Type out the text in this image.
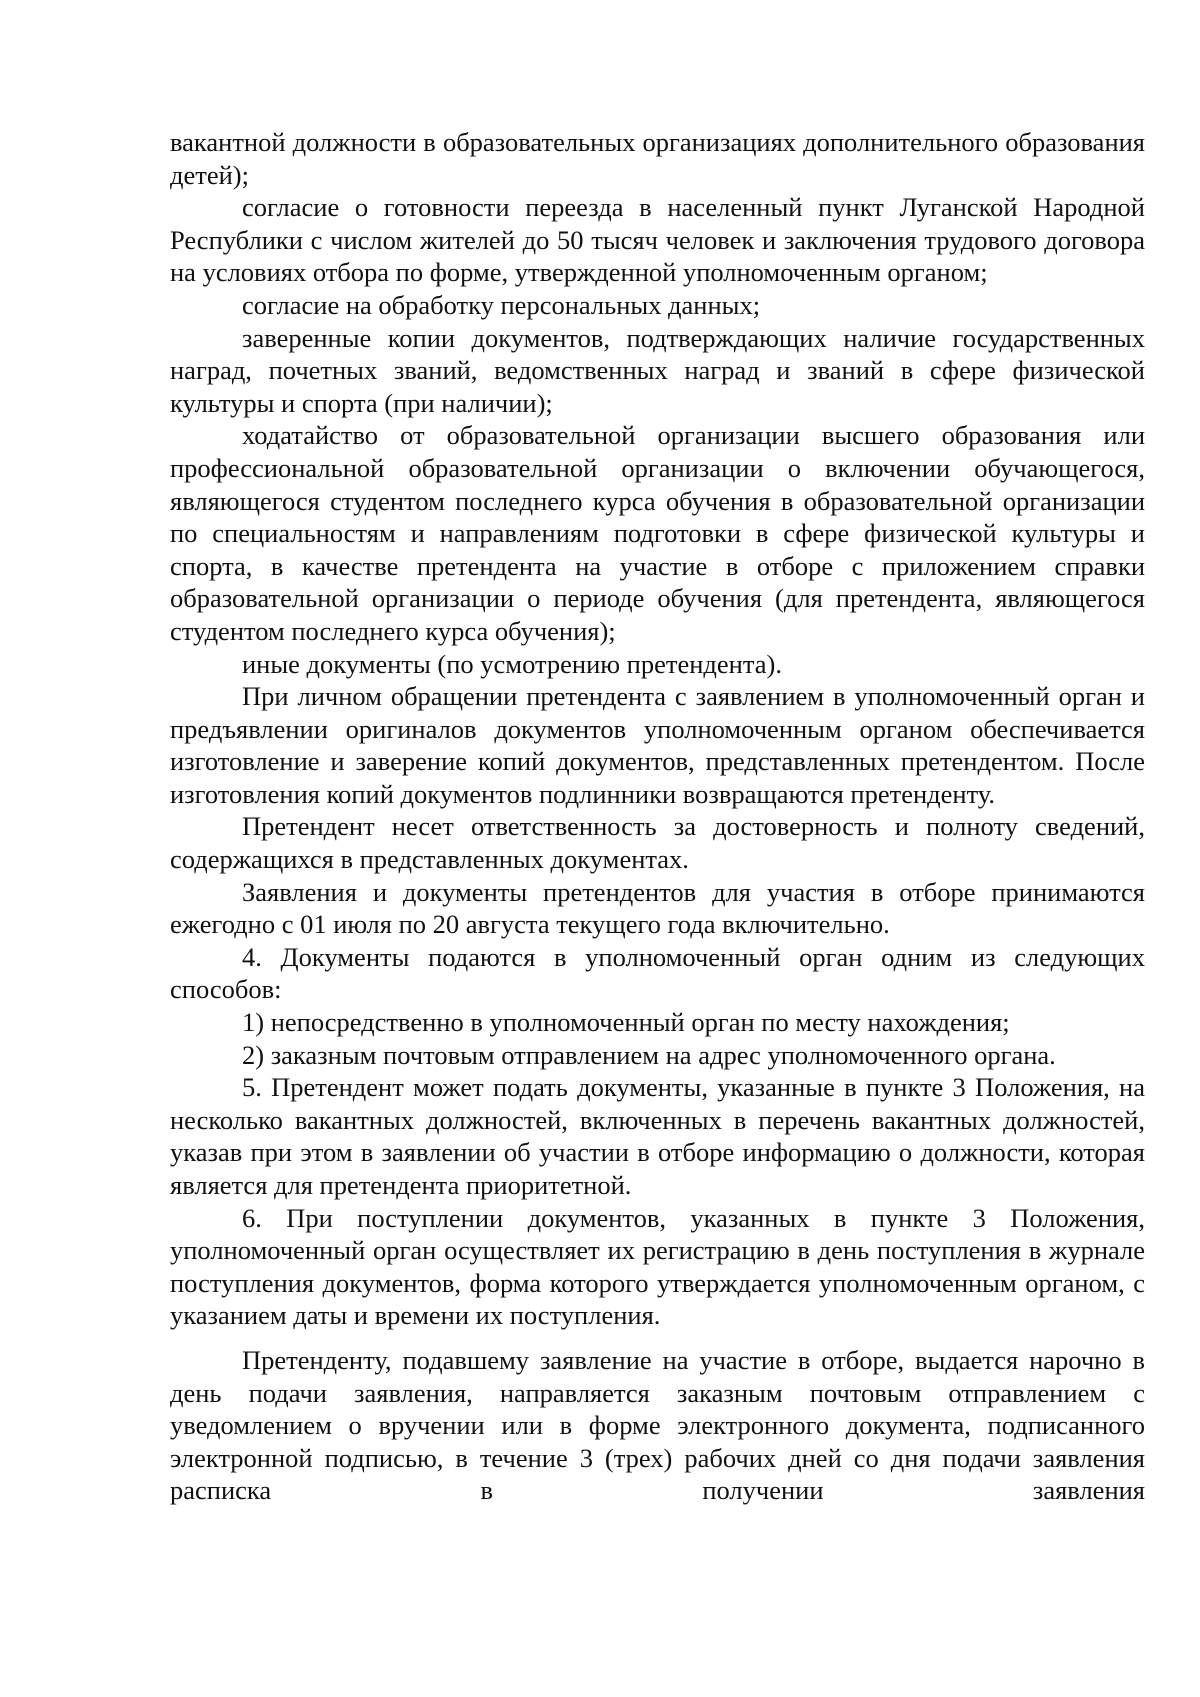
вакантной должности в образовательных организациях дополнительного образования детей);

согласие о готовности переезда в населенный пункт Луганской Народной Республики с числом жителей до 50 тысяч человек и заключения трудового договора на условиях отбора по форме, утвержденной уполномоченным органом;

согласие на обработку персональных данных;

заверенные копии документов, подтверждающих наличие государственных наград, почетных званий, ведомственных наград и званий в сфере физической культуры и спорта (при наличии);

ходатайство от образовательной организации высшего образования или профессиональной образовательной организации о включении обучающегося, являющегося студентом последнего курса обучения в образовательной организации по специальностям и направлениям подготовки в сфере физической культуры и спорта, в качестве претендента на участие в отборе с приложением справки образовательной организации о периоде обучения (для претендента, являющегося студентом последнего курса обучения);

иные документы (по усмотрению претендента).

При личном обращении претендента с заявлением в уполномоченный орган и предъявлении оригиналов документов уполномоченным органом обеспечивается изготовление и заверение копий документов, представленных претендентом. После изготовления копий документов подлинники возвращаются претенденту.

Претендент несет ответственность за достоверность и полноту сведений, содержащихся в представленных документах.

Заявления и документы претендентов для участия в отборе принимаются ежегодно с 01 июля по 20 августа текущего года включительно.

4. Документы подаются в уполномоченный орган одним из следующих способов:

1) непосредственно в уполномоченный орган по месту нахождения;

2) заказным почтовым отправлением на адрес уполномоченного органа.

5. Претендент может подать документы, указанные в пункте 3 Положения, на несколько вакантных должностей, включенных в перечень вакантных должностей, указав при этом в заявлении об участии в отборе информацию о должности, которая является для претендента приоритетной.

6. При поступлении документов, указанных в пункте 3 Положения, уполномоченный орган осуществляет их регистрацию в день поступления в журнале поступления документов, форма которого утверждается уполномоченным органом, с указанием даты и времени их поступления.

Претенденту, подавшему заявление на участие в отборе, выдается нарочно в день подачи заявления, направляется заказным почтовым отправлением с уведомлением о вручении или в форме электронного документа, подписанного электронной подписью, в течение 3 (трех) рабочих дней со дня подачи заявления расписка в получении заявления
